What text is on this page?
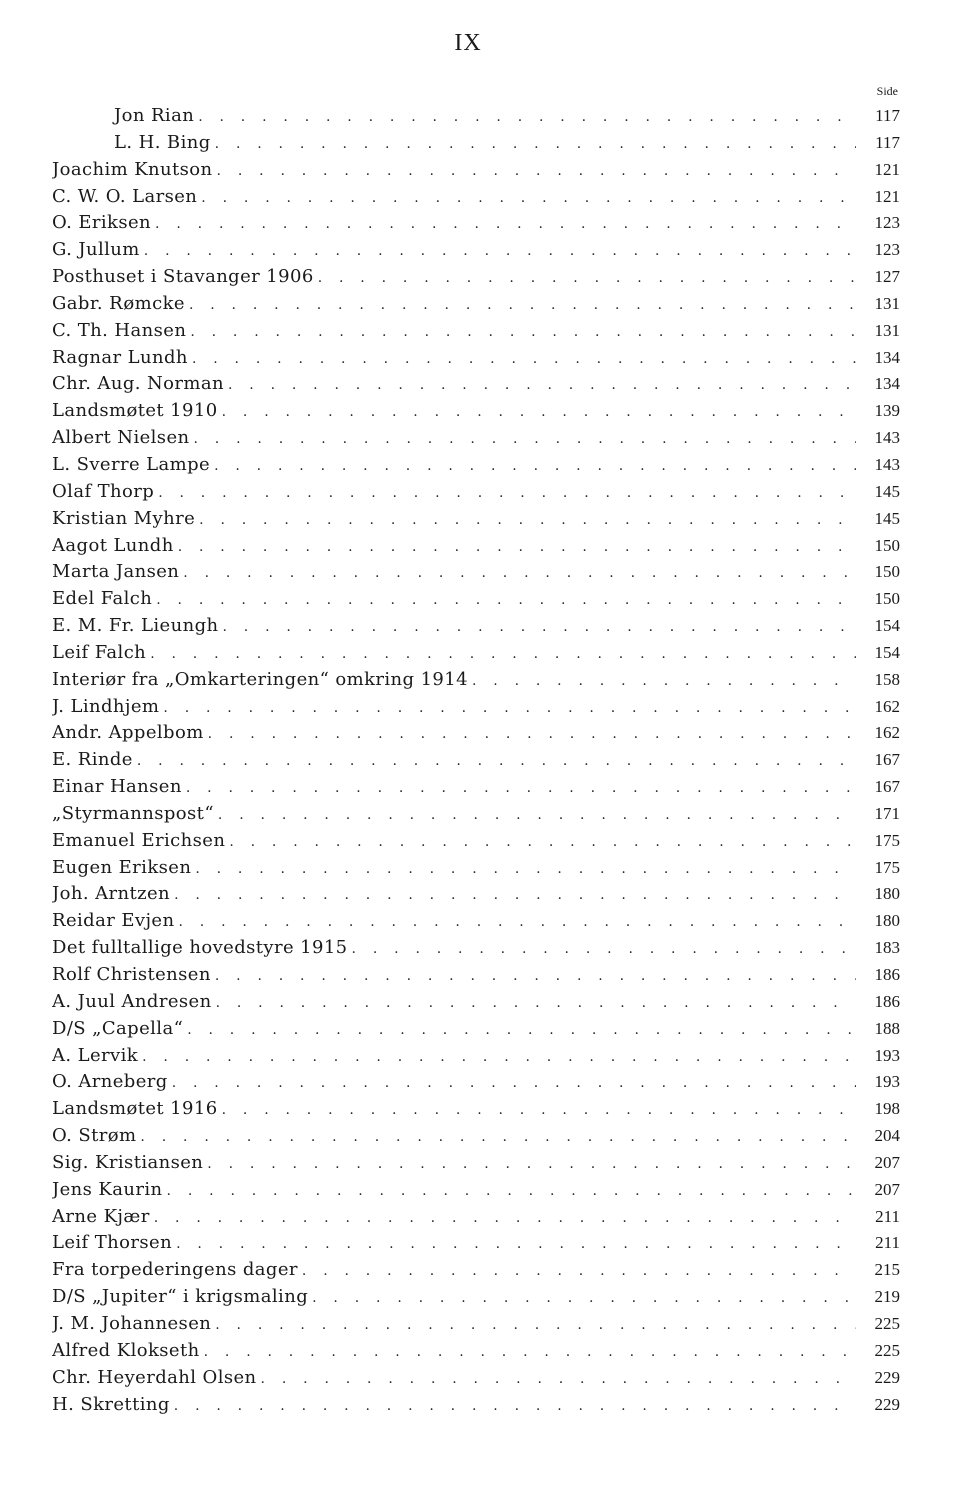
IX
Side
Jon Rian . . .	117
L. H. Bing . . .	117
Joachim Knutson . . .	121
C. W. O. Larsen . . .	121
O. Eriksen . . .	123
G. Jullum . . .	123
Posthuset i Stavanger 1906 . . .	127
Gabr. Rømcke . . .	131
C. Th. Hansen . . .	131
Ragnar Lundh . . .	134
Chr. Aug. Norman . . .	134
Landsmøtet 1910 . . .	139
Albert Nielsen . . .	143
L. Sverre Lampe . . .	143
Olaf Thorp . . .	145
Kristian Myhre . . .	145
Aagot Lundh . . .	150
Marta Jansen . . .	150
Edel Falch . . .	150
E. M. Fr. Lieungh . . .	154
Leif Falch . . .	154
Interiør fra „Omkarteringen“ omkring 1914 . . .	158
J. Lindhjem . . .	162
Andr. Appelbom . . .	162
E. Rinde . . .	167
Einar Hansen . . .	167
„Styrmannspost“ . . .	171
Emanuel Erichsen . . .	175
Eugen Eriksen . . .	175
Joh. Arntzen . . .	180
Reidar Evjen . . .	180
Det fulltallige hovedstyre 1915 . . .	183
Rolf Christensen . . .	186
A. Juul Andresen . . .	186
D/S „Capella“ . . .	188
A. Lervik . . .	193
O. Arneberg . . .	193
Landsmøtet 1916 . . .	198
O. Strøm . . .	204
Sig. Kristiansen . . .	207
Jens Kaurin . . .	207
Arne Kjær . . .	211
Leif Thorsen . . .	211
Fra torpederingens dager . . .	215
D/S „Jupiter“ i krigsmaling . . .	219
J. M. Johannesen . . .	225
Alfred Klokseth . . .	225
Chr. Heyerdahl Olsen . . .	229
H. Skretting . . .	229
